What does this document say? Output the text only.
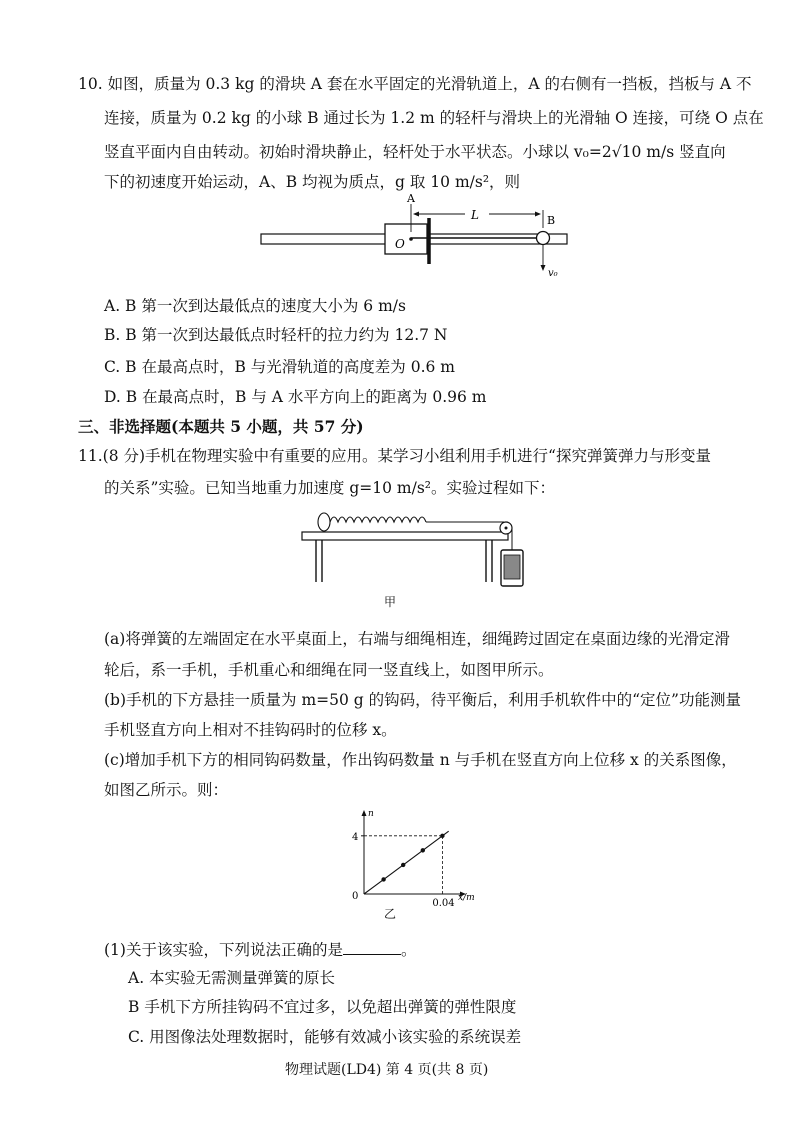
10. 如图，质量为 0.3 kg 的滑块 A 套在水平固定的光滑轨道上，A 的右侧有一挡板，挡板与 A 不
连接，质量为 0.2 kg 的小球 B 通过长为 1.2 m 的轻杆与滑块上的光滑轴 O 连接，可绕 O 点在
竖直平面内自由转动。初始时滑块静止，轻杆处于水平状态。小球以 v₀=2√10 m/s 竖直向
下的初速度开始运动，A、B 均视为质点，g 取 10 m/s²，则
O
A
B
L
v₀
A. B 第一次到达最低点的速度大小为 6 m/s
B. B 第一次到达最低点时轻杆的拉力约为 12.7 N
C. B 在最高点时，B 与光滑轨道的高度差为 0.6 m
D. B 在最高点时，B 与 A 水平方向上的距离为 0.96 m
三、非选择题(本题共 5 小题，共 57 分)
11.(8 分)手机在物理实验中有重要的应用。某学习小组利用手机进行“探究弹簧弹力与形变量
的关系”实验。已知当地重力加速度 g=10 m/s²。实验过程如下：
甲
(a)将弹簧的左端固定在水平桌面上，右端与细绳相连，细绳跨过固定在桌面边缘的光滑定滑
轮后，系一手机，手机重心和细绳在同一竖直线上，如图甲所示。
(b)手机的下方悬挂一质量为 m=50 g 的钩码，待平衡后，利用手机软件中的“定位”功能测量
手机竖直方向上相对不挂钩码时的位移 x。
(c)增加手机下方的相同钩码数量，作出钩码数量 n 与手机在竖直方向上位移 x 的关系图像，
如图乙所示。则：
n
x/m
0
4
0.04
乙
(1)关于该实验，下列说法正确的是	。
A. 本实验无需测量弹簧的原长
B 手机下方所挂钩码不宜过多，以免超出弹簧的弹性限度
C. 用图像法处理数据时，能够有效减小该实验的系统误差
物理试题(LD4) 第 4 页(共 8 页)
